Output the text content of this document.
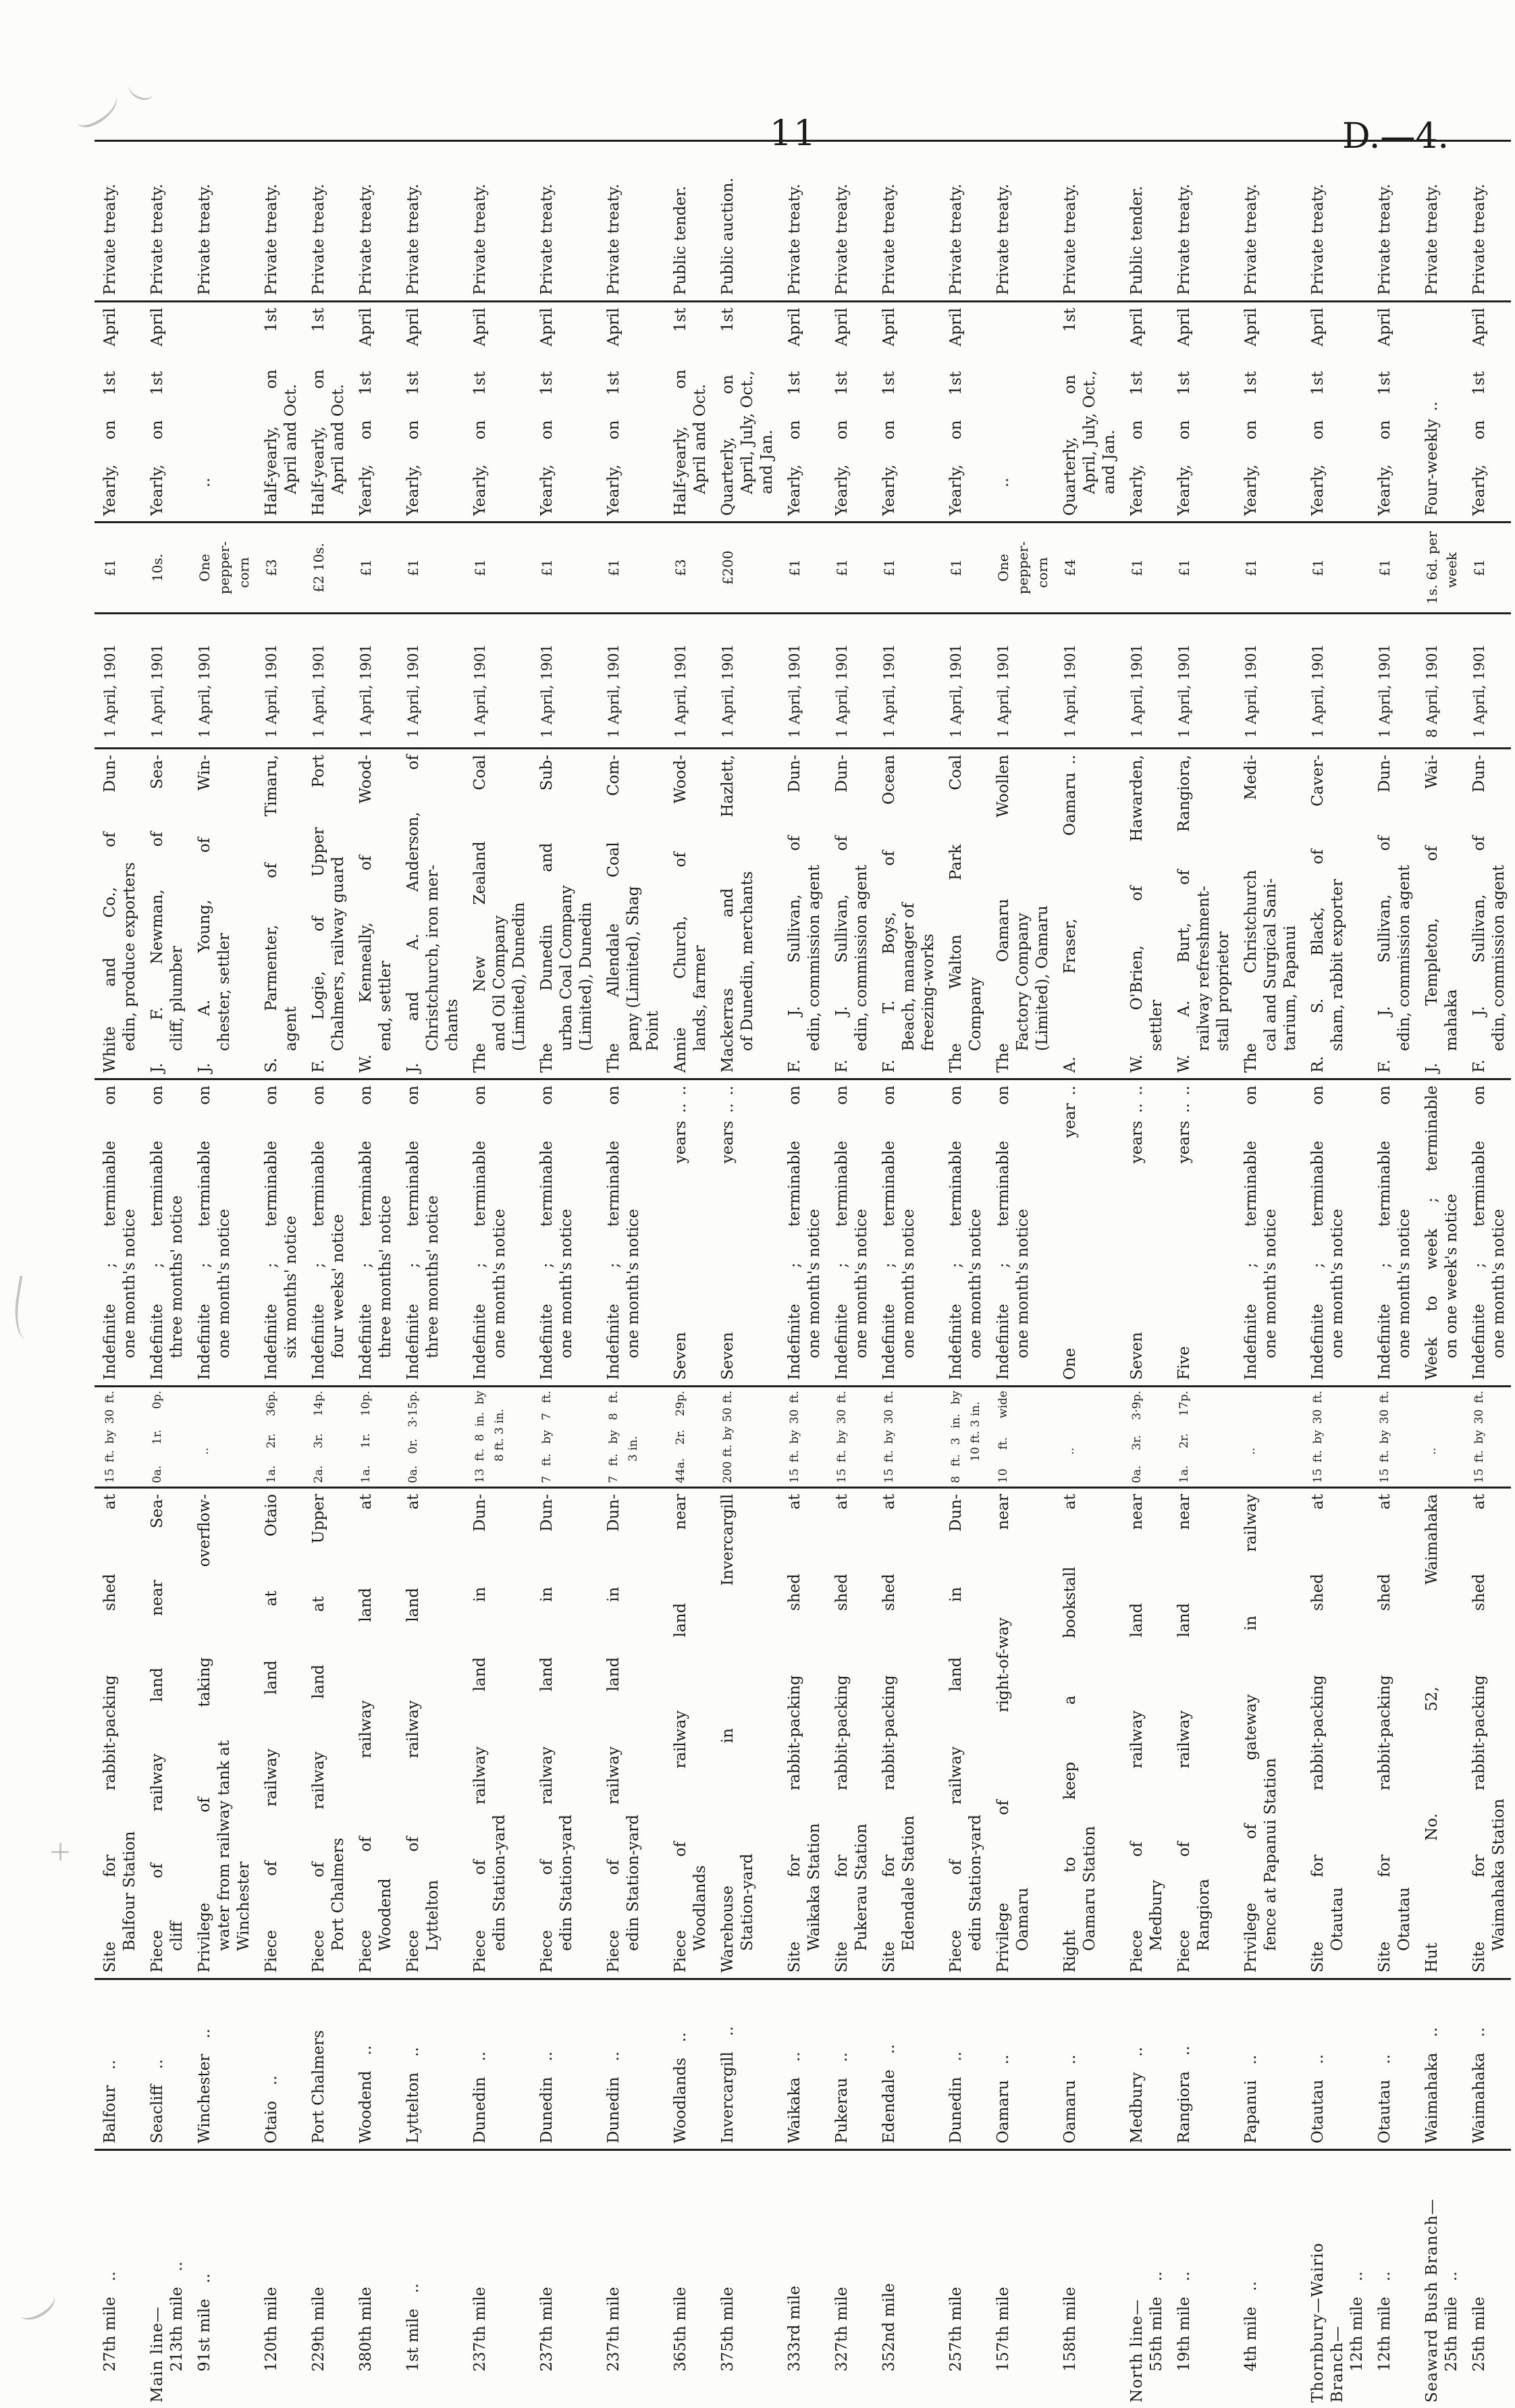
11	D.—4.
27th mile ..
Balfour ..
Site for rabbit-packing shed at Balfour Station
15 ft. by 30 ft.
Indefinite ; terminable on one month's notice
White and Co., of Dun- edin, produce exporters
1 April, 1901
£1
Yearly, on 1st April
Private treaty.
Main line— 213th mile ..
Seacliff ..
Piece of railway land near Sea- cliff
0a. 1r. 0p.
Indefinite ; terminable on three months' notice
J. F. Newman, of Sea- cliff, plumber
1 April, 1901
10s.
Yearly, on 1st April
Private treaty.
91st mile ..
Winchester ..
Privilege of taking overflow- water from railway tank at Winchester
..
Indefinite ; terminable on one month's notice
J. A. Young, of Win- chester, settler
1 April, 1901
One pepper- corn
..
Private treaty.
120th mile
Otaio ..
Piece of railway land at Otaio
1a. 2r. 36p.
Indefinite ; terminable on six months' notice
S. Parmenter, of Timaru, agent
1 April, 1901
£3
Half-yearly, on 1st April and Oct.
Private treaty.
229th mile
Port Chalmers
Piece of railway land at Upper Port Chalmers
2a. 3r. 14p.
Indefinite ; terminable on four weeks' notice
F. Logie, of Upper Port Chalmers, railway guard
1 April, 1901
£2 10s.
Half-yearly, on 1st April and Oct.
Private treaty.
380th mile
Woodend ..
Piece of railway land at Woodend
1a. 1r. 10p.
Indefinite ; terminable on three months' notice
W. Kenneally, of Wood- end, settler
1 April, 1901
£1
Yearly, on 1st April
Private treaty.
1st mile ..
Lyttelton ..
Piece of railway land at Lyttelton
0a. 0r. 3·15p.
Indefinite ; terminable on three months' notice
J. and A. Anderson, of Christchurch, iron mer- chants
1 April, 1901
£1
Yearly, on 1st April
Private treaty.
237th mile
Dunedin ..
Piece of railway land in Dun- edin Station-yard
13 ft. 8 in. by 8 ft. 3 in.
Indefinite ; terminable on one month's notice
The New Zealand Coal and Oil Company (Limited), Dunedin
1 April, 1901
£1
Yearly, on 1st April
Private treaty.
237th mile
Dunedin ..
Piece of railway land in Dun- edin Station-yard
7 ft. by 7 ft.
Indefinite ; terminable on one month's notice
The Dunedin and Sub- urban Coal Company (Limited), Dunedin
1 April, 1901
£1
Yearly, on 1st April
Private treaty.
237th mile
Dunedin ..
Piece of railway land in Dun- edin Station-yard
7 ft. by 8 ft. 3 in.
Indefinite ; terminable on one month's notice
The Allendale Coal Com- pany (Limited), Shag Point
1 April, 1901
£1
Yearly, on 1st April
Private treaty.
365th mile
Woodlands ..
Piece of railway land near Woodlands
44a. 2r. 29p.
Seven years .. ..
Annie Church, of Wood- lands, farmer
1 April, 1901
£3
Half-yearly, on 1st April and Oct.
Public tender.
375th mile
Invercargill ..
Warehouse in Invercargill Station-yard
200 ft. by 50 ft.
Seven years .. ..
Mackerras and Hazlett, of Dunedin, merchants
1 April, 1901
£200
Quarterly, on 1st April, July, Oct., and Jan.
Public auction.
333rd mile
Waikaka ..
Site for rabbit-packing shed at Waikaka Station
15 ft. by 30 ft.
Indefinite ; terminable on one month's notice
F. J. Sullivan, of Dun- edin, commission agent
1 April, 1901
£1
Yearly, on 1st April
Private treaty.
327th mile
Pukerau ..
Site for rabbit-packing shed at Pukerau Station
15 ft. by 30 ft.
Indefinite ; terminable on one month's notice
F. J. Sullivan, of Dun- edin, commission agent
1 April, 1901
£1
Yearly, on 1st April
Private treaty.
352nd mile
Edendale ..
Site for rabbit-packing shed at Edendale Station
15 ft. by 30 ft.
Indefinite ; terminable on one month's notice
F. T. Boys, of Ocean Beach, manager of freezing-works
1 April, 1901
£1
Yearly, on 1st April
Private treaty.
257th mile
Dunedin ..
Piece of railway land in Dun- edin Station-yard
8 ft. 3 in. by 10 ft. 3 in.
Indefinite ; terminable on one month's notice
The Walton Park Coal Company
1 April, 1901
£1
Yearly, on 1st April
Private treaty.
157th mile
Oamaru ..
Privilege of right-of-way near Oamaru
10 ft. wide
Indefinite ; terminable on one month's notice
The Oamaru Woollen Factory Company (Limited), Oamaru
1 April, 1901
One pepper- corn
..
Private treaty.
158th mile
Oamaru ..
Right to keep a bookstall at Oamaru Station
..
One year ..
A. Fraser, Oamaru ..
1 April, 1901
£4
Quarterly, on 1st April, July, Oct., and Jan.
Private treaty.
North line— 55th mile ..
Medbury ..
Piece of railway land near Medbury
0a. 3r. 3·9p.
Seven years .. ..
W. O'Brien, of Hawarden, settler
1 April, 1901
£1
Yearly, on 1st April
Public tender.
19th mile ..
Rangiora ..
Piece of railway land near Rangiora
1a. 2r. 17p.
Five years .. ..
W. A. Burt, of Rangiora, railway refreshment- stall proprietor
1 April, 1901
£1
Yearly, on 1st April
Private treaty.
4th mile ..
Papanui ..
Privilege of gateway in railway fence at Papanui Station
..
Indefinite ; terminable on one month's notice
The Christchurch Medi- cal and Surgical Sani- tarium, Papanui
1 April, 1901
£1
Yearly, on 1st April
Private treaty.
Thornbury—Wairio Branch— 12th mile ..
Otautau ..
Site for rabbit-packing shed at Otautau
15 ft. by 30 ft.
Indefinite ; terminable on one month's notice
R. S. Black, of Caver- sham, rabbit exporter
1 April, 1901
£1
Yearly, on 1st April
Private treaty.
12th mile ..
Otautau ..
Site for rabbit-packing shed at Otautau
15 ft. by 30 ft.
Indefinite ; terminable on one month's notice
F. J. Sullivan, of Dun- edin, commission agent
1 April, 1901
£1
Yearly, on 1st April
Private treaty.
Seaward Bush Branch— 25th mile ..
Waimahaka ..
Hut No. 52, Waimahaka
..
Week to week ; terminable on one week's notice
J. Templeton, of Wai- mahaka
8 April, 1901
1s. 6d. per week
Four-weekly ..
Private treaty.
25th mile
Waimahaka ..
Site for rabbit-packing shed at Waimahaka Station
15 ft. by 30 ft.
Indefinite ; terminable on one month's notice
F. J. Sullivan, of Dun- edin, commission agent
1 April, 1901
£1
Yearly, on 1st April
Private treaty.
